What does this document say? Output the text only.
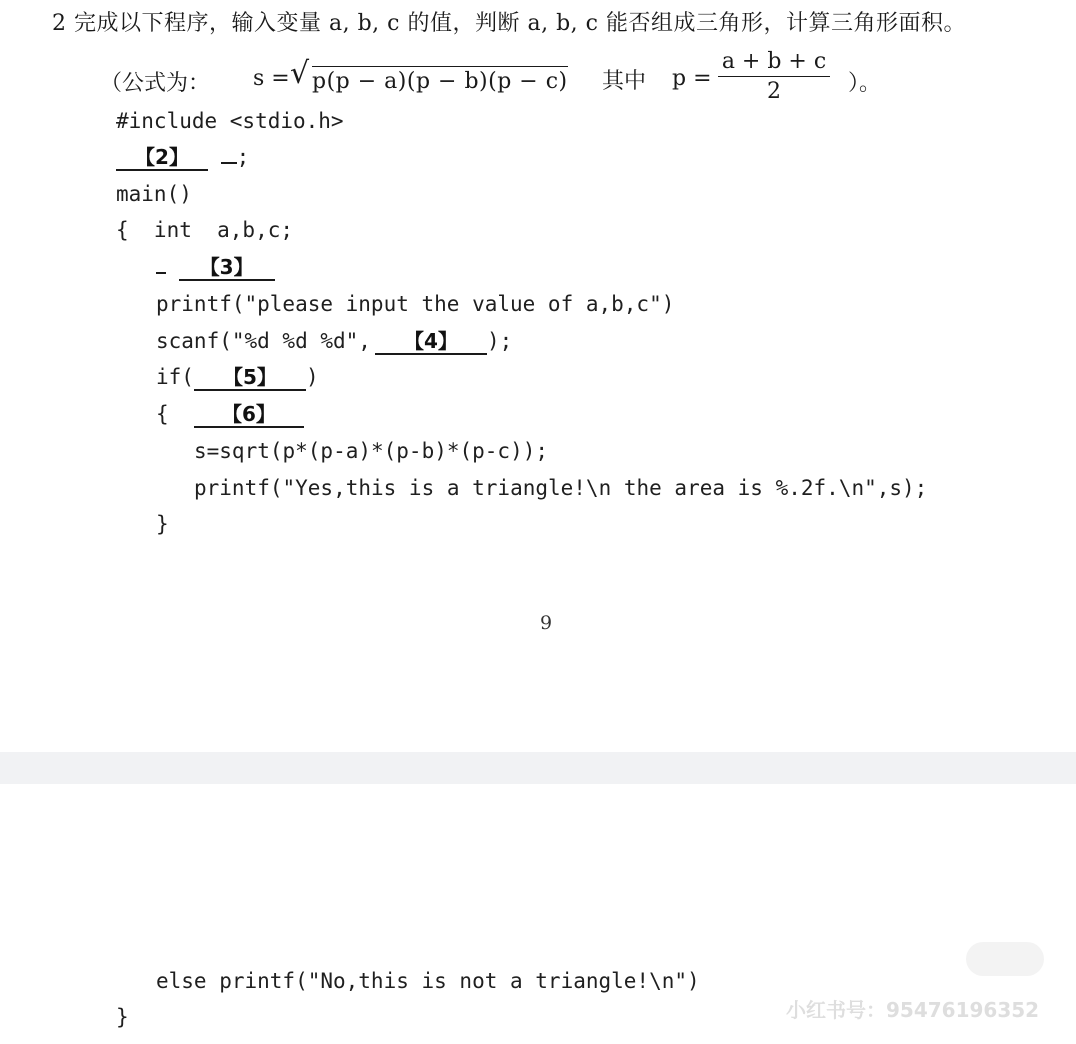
2 完成以下程序，输入变量 a, b, c 的值，判断 a, b, c 能否组成三角形，计算三角形面积。
（公式为： s = √ p(p − a)(p − b)(p − c) 其中 $p = \frac{a + b + c}{2}$ ）。
#include <stdio.h>
【2】 ;
main()
{  int  a,b,c;
【3】
printf("please input the value of a,b,c")
scanf("%d %d %d", 【4】 );
if( 【5】 )
{	【6】
s=sqrt(p*(p-a)*(p-b)*(p-c));
printf("Yes,this is a triangle!\n the area is %.2f.\n",s);
}
9
else printf("No,this is not a triangle!\n")
}	小红书号：95476196352
